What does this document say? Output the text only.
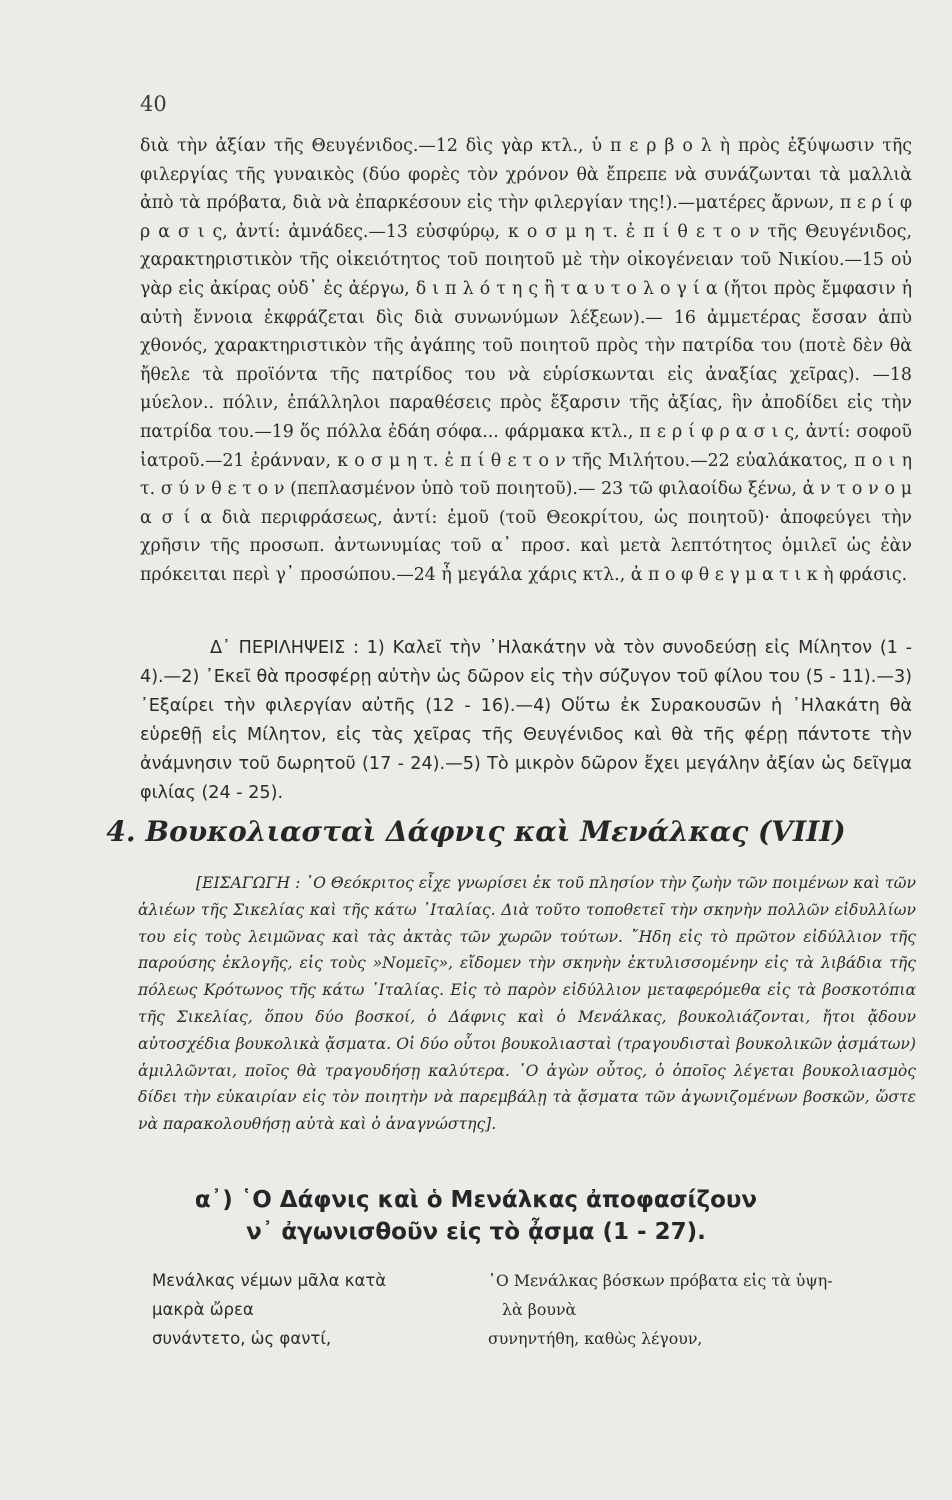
40

διὰ τὴν ἀξίαν τῆς Θευγένιδος.—12 δὶς γὰρ κτλ., ὑ π ε ρ β ο λ ὴ πρὸς ἐξύψωσιν τῆς φιλεργίας τῆς γυναικὸς (δύο φορὲς τὸν χρόνον θὰ ἔπρεπε νὰ συνάζωνται τὰ μαλλιὰ ἀπὸ τὰ πρόβατα, διὰ νὰ ἐπαρκέσουν εἰς τὴν φιλεργίαν της!).—ματέρες ἄρνων, π ε ρ ί φ ρ α σ ι ς, ἀντί: ἀμνάδες.—13 εὐσφύρῳ, κ ο σ μ η τ. ἐ π ί θ ε τ ο ν τῆς Θευγένιδος, χαρακτηριστικὸν τῆς οἰκειότητος τοῦ ποιητοῦ μὲ τὴν οἰκογένειαν τοῦ Νικίου.—15 οὐ γὰρ εἰς ἀκίρας οὐδ᾽ ἐς ἀέργω, δ ι π λ ό τ η ς ἢ τ α υ τ ο λ ο γ ί α (ἤτοι πρὸς ἔμφασιν ἡ αὐτὴ ἔννοια ἐκφράζεται δὶς διὰ συνωνύμων λέξεων).— 16 ἀμμετέρας ἔσσαν ἀπὺ χθονός, χαρακτηριστικὸν τῆς ἀγάπης τοῦ ποιητοῦ πρὸς τὴν πατρίδα του (ποτὲ δὲν θὰ ἤθελε τὰ προϊόντα τῆς πατρίδος του νὰ εὑρίσκωνται εἰς ἀναξίας χεῖρας). —18 μύελον.. πόλιν, ἐπάλληλοι παραθέσεις πρὸς ἔξαρσιν τῆς ἀξίας, ἣν ἀποδίδει εἰς τὴν πατρίδα του.—19 ὅς πόλλα ἐδάη σόφα... φάρμακα κτλ., π ε ρ ί φ ρ α σ ι ς, ἀντί: σοφοῦ ἰατροῦ.—21 ἐράνναν, κ ο σ μ η τ. ἐ π ί θ ε τ ο ν τῆς Μιλήτου.—22 εὐαλάκατος, π ο ι η τ. σ ύ ν θ ε τ ο ν (πεπλασμένον ὑπὸ τοῦ ποιητοῦ).— 23 τῶ φιλαοίδω ξένω, ἀ ν τ ο ν ο μ α σ ί α διὰ περιφράσεως, ἀντί: ἐμοῦ (τοῦ Θεοκρίτου, ὡς ποιητοῦ)· ἀποφεύγει τὴν χρῆσιν τῆς προσωπ. ἀντωνυμίας τοῦ α᾽ προσ. καὶ μετὰ λεπτότητος ὁμιλεῖ ὡς ἐὰν πρόκειται περὶ γ᾽ προσώπου.—24 ἦ μεγάλα χάρις κτλ., ἀ π ο φ θ ε γ μ α τ ι κ ὴ φράσις.

Δ᾽ ΠΕΡΙΛΗΨΕΙΣ : 1) Καλεῖ τὴν ᾿Ηλακάτην νὰ τὸν συνοδεύσῃ εἰς Μίλητον (1 - 4).—2) ᾿Εκεῖ θὰ προσφέρῃ αὐτὴν ὡς δῶρον εἰς τὴν σύζυγον τοῦ φίλου του (5 - 11).—3) ᾿Εξαίρει τὴν φιλεργίαν αὐτῆς (12 - 16).—4) Οὕτω ἐκ Συρακουσῶν ἡ ᾿Ηλακάτη θὰ εὑρεθῇ εἰς Μίλητον, εἰς τὰς χεῖρας τῆς Θευγένιδος καὶ θὰ τῆς φέρῃ πάντοτε τὴν ἀνάμνησιν τοῦ δωρητοῦ (17 - 24).—5) Τὸ μικρὸν δῶρον ἔχει μεγάλην ἀξίαν ὡς δεῖγμα φιλίας (24 - 25).

4. Βουκολιασταὶ Δάφνις καὶ Μενάλκας (VIII)

[ΕΙΣΑΓΩΓΗ : ῾Ο Θεόκριτος εἶχε γνωρίσει ἐκ τοῦ πλησίον τὴν ζωὴν τῶν ποιμένων καὶ τῶν ἁλιέων τῆς Σικελίας καὶ τῆς κάτω ᾿Ιταλίας. Διὰ τοῦτο τοποθετεῖ τὴν σκηνὴν πολλῶν εἰδυλλίων του εἰς τοὺς λειμῶνας καὶ τὰς ἀκτὰς τῶν χωρῶν τούτων. ῎Ηδη εἰς τὸ πρῶτον εἰδύλλιον τῆς παρούσης ἐκλογῆς, εἰς τοὺς »Νομεῖς», εἴδομεν τὴν σκηνὴν ἐκτυλισσομένην εἰς τὰ λιβάδια τῆς πόλεως Κρότωνος τῆς κάτω ᾿Ιταλίας. Εἰς τὸ παρὸν εἰδύλλιον μεταφερόμεθα εἰς τὰ βοσκοτόπια τῆς Σικελίας, ὅπου δύο βοσκοί, ὁ Δάφνις καὶ ὁ Μενάλκας, βουκολιάζονται, ἤτοι ᾄδουν αὐτοσχέδια βουκολικὰ ᾄσματα. Οἱ δύο οὗτοι βουκολιασταὶ (τραγουδισταὶ βουκολικῶν ᾀσμάτων) ἁμιλλῶνται, ποῖος θὰ τραγουδήσῃ καλύτερα. ῾Ο ἀγὼν οὗτος, ὁ ὁποῖος λέγεται βουκολιασμὸς δίδει τὴν εὐκαιρίαν εἰς τὸν ποιητὴν νὰ παρεμβάλῃ τὰ ᾄσματα τῶν ἀγωνιζομένων βοσκῶν, ὥστε νὰ παρακολουθήσῃ αὐτὰ καὶ ὁ ἀναγνώστης].

α᾽) ῾Ο Δάφνις καὶ ὁ Μενάλκας ἀποφασίζουν
ν᾽ ἀγωνισθοῦν εἰς τὸ ᾆσμα (1 - 27).
Μενάλκας νέμων μᾶλα κατὰ
μακρὰ ὤρεα
συνάντετο, ὡς φαντί,
῾Ο Μενάλκας βόσκων πρόβατα εἰς τὰ ὑψη-
λὰ βουνὰ
συνηντήθη, καθὼς λέγουν,
